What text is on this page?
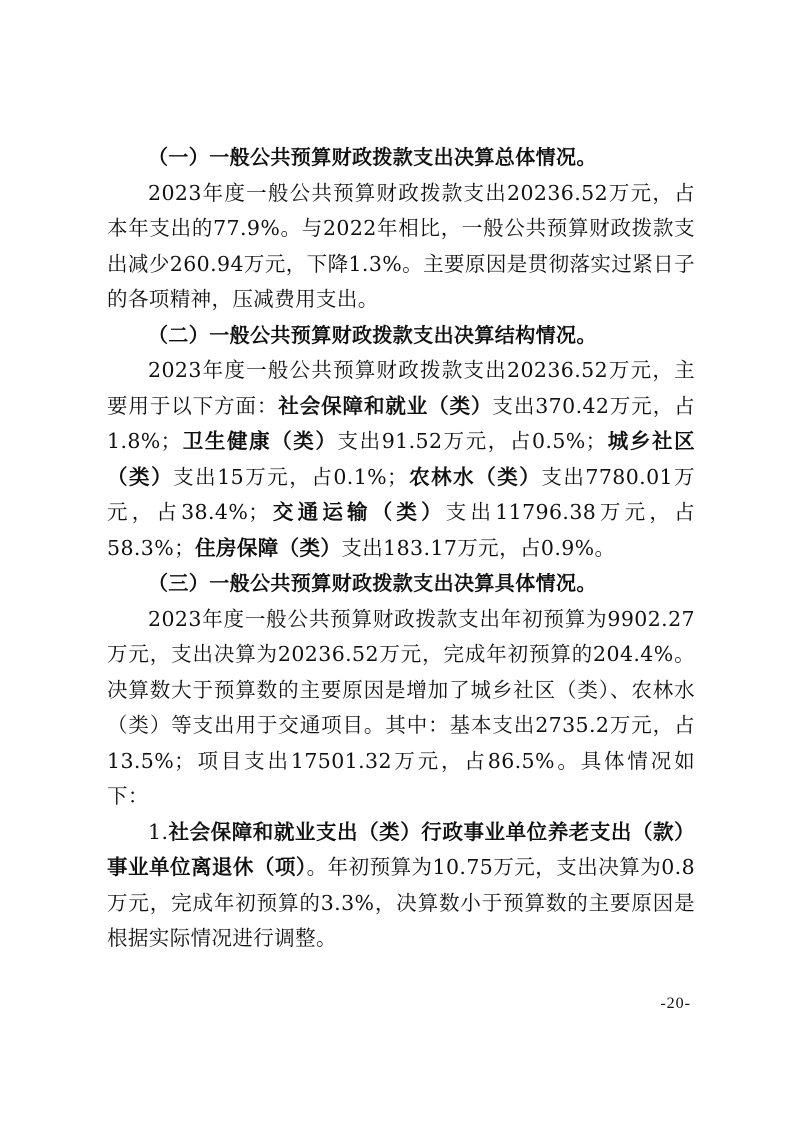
（一）一般公共预算财政拨款支出决算总体情况。

2023年度一般公共预算财政拨款支出20236.52万元，占本年支出的77.9%。与2022年相比，一般公共预算财政拨款支出减少260.94万元，下降1.3%。主要原因是贯彻落实过紧日子的各项精神，压减费用支出。

（二）一般公共预算财政拨款支出决算结构情况。

2023年度一般公共预算财政拨款支出20236.52万元，主要用于以下方面：社会保障和就业（类）支出370.42万元，占1.8%；卫生健康（类）支出91.52万元，占0.5%；城乡社区（类）支出15万元，占0.1%；农林水（类）支出7780.01万元，占38.4%；交通运输（类）支出11796.38万元，占58.3%；住房保障（类）支出183.17万元，占0.9%。

（三）一般公共预算财政拨款支出决算具体情况。

2023年度一般公共预算财政拨款支出年初预算为9902.27万元，支出决算为20236.52万元，完成年初预算的204.4%。决算数大于预算数的主要原因是增加了城乡社区（类）、农林水（类）等支出用于交通项目。其中：基本支出2735.2万元，占13.5%；项目支出17501.32万元，占86.5%。具体情况如下：

1.社会保障和就业支出（类）行政事业单位养老支出（款）事业单位离退休（项）。年初预算为10.75万元，支出决算为0.8万元，完成年初预算的3.3%，决算数小于预算数的主要原因是根据实际情况进行调整。

-20-
